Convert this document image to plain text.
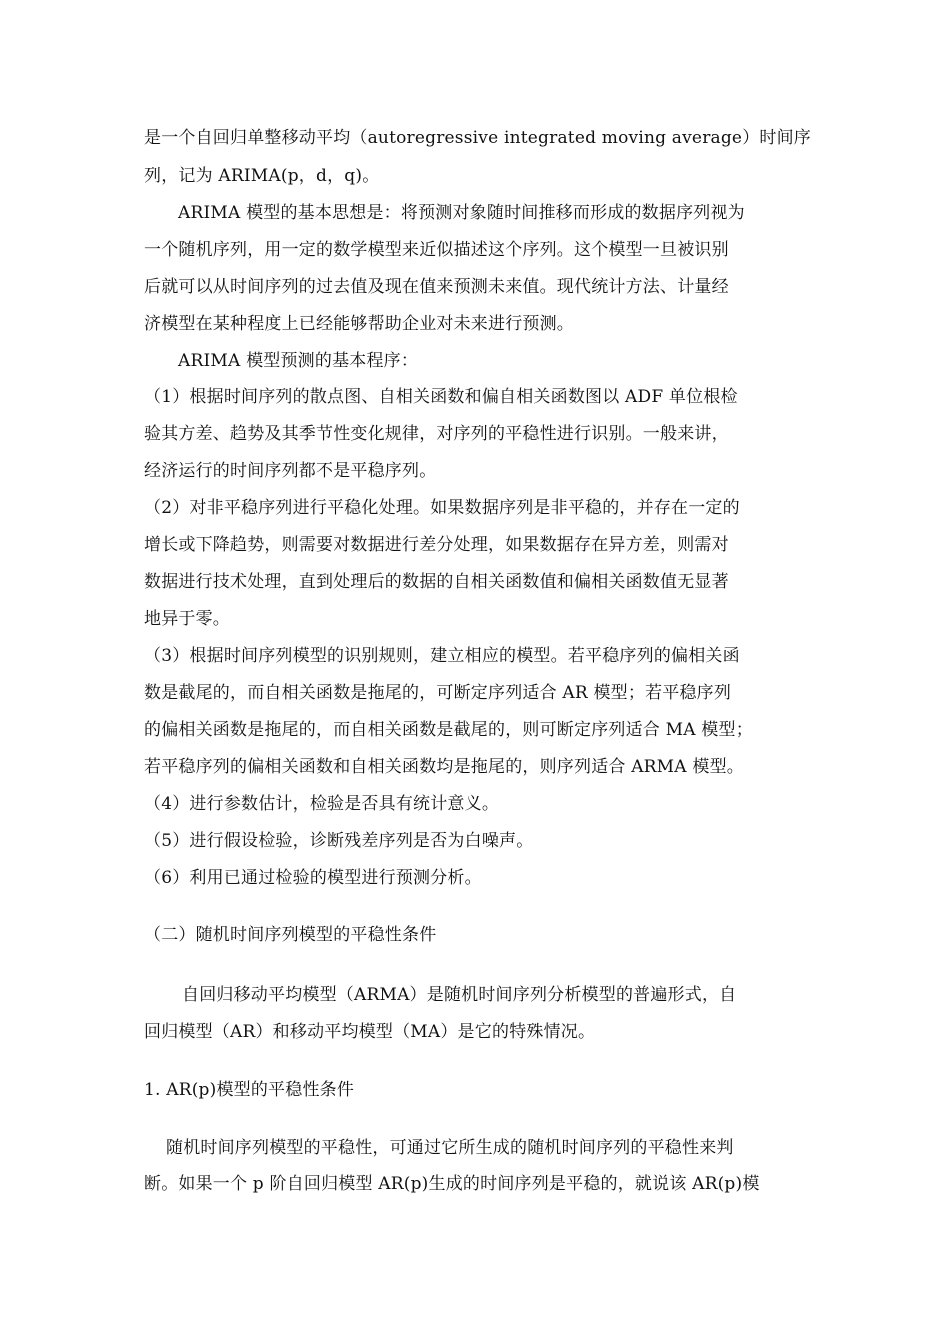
是一个自回归单整移动平均（autoregressive integrated moving average）时间序
列，记为 ARIMA(p，d，q)。
ARIMA 模型的基本思想是：将预测对象随时间推移而形成的数据序列视为
一个随机序列，用一定的数学模型来近似描述这个序列。这个模型一旦被识别
后就可以从时间序列的过去值及现在值来预测未来值。现代统计方法、计量经
济模型在某种程度上已经能够帮助企业对未来进行预测。
ARIMA 模型预测的基本程序：
（1）根据时间序列的散点图、自相关函数和偏自相关函数图以 ADF 单位根检
验其方差、趋势及其季节性变化规律，对序列的平稳性进行识别。一般来讲，
经济运行的时间序列都不是平稳序列。
（2）对非平稳序列进行平稳化处理。如果数据序列是非平稳的，并存在一定的
增长或下降趋势，则需要对数据进行差分处理，如果数据存在异方差，则需对
数据进行技术处理，直到处理后的数据的自相关函数值和偏相关函数值无显著
地异于零。
（3）根据时间序列模型的识别规则，建立相应的模型。若平稳序列的偏相关函
数是截尾的，而自相关函数是拖尾的，可断定序列适合 AR 模型；若平稳序列
的偏相关函数是拖尾的，而自相关函数是截尾的，则可断定序列适合 MA 模型；
若平稳序列的偏相关函数和自相关函数均是拖尾的，则序列适合 ARMA 模型。
（4）进行参数估计，检验是否具有统计意义。
（5）进行假设检验，诊断残差序列是否为白噪声。
（6）利用已通过检验的模型进行预测分析。
（二）随机时间序列模型的平稳性条件
自回归移动平均模型（ARMA）是随机时间序列分析模型的普遍形式，自
回归模型（AR）和移动平均模型（MA）是它的特殊情况。
1. AR(p)模型的平稳性条件
随机时间序列模型的平稳性，可通过它所生成的随机时间序列的平稳性来判
断。如果一个 p 阶自回归模型 AR(p)生成的时间序列是平稳的，就说该 AR(p)模
